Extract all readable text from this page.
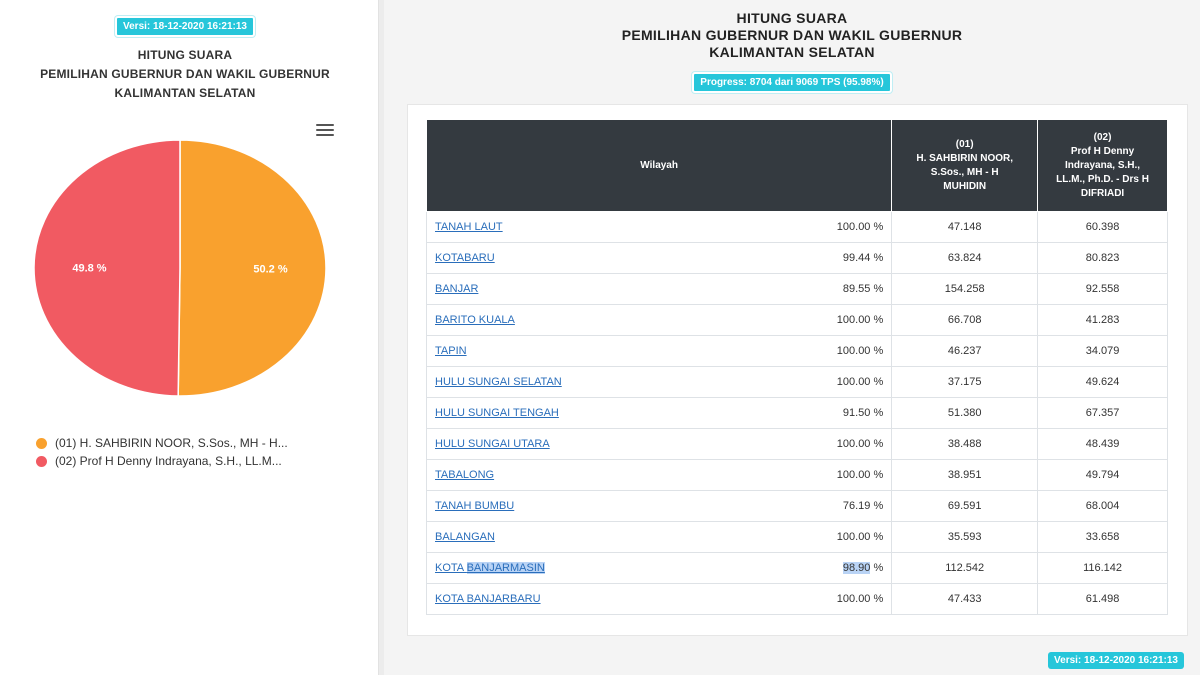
Versi: 18-12-2020 16:21:13
HITUNG SUARA
PEMILIHAN GUBERNUR DAN WAKIL GUBERNUR
KALIMANTAN SELATAN
50.2 %
49.8 %
(01) H. SAHBIRIN NOOR, S.Sos., MH - H...
(02) Prof H Denny Indrayana, S.H., LL.M...
HITUNG SUARA
PEMILIHAN GUBERNUR DAN WAKIL GUBERNUR
KALIMANTAN SELATAN
Progress: 8704 dari 9069 TPS (95.98%)
Wilayah	(01)
H. SAHBIRIN NOOR,
S.Sos., MH - H
MUHIDIN	(02)
Prof H Denny
Indrayana, S.H.,
LL.M., Ph.D. - Drs H
DIFRIADI
TANAH LAUT 100.00 %	47.148	60.398
KOTABARU 99.44 %	63.824	80.823
BANJAR 89.55 %	154.258	92.558
BARITO KUALA 100.00 %	66.708	41.283
TAPIN 100.00 %	46.237	34.079
HULU SUNGAI SELATAN 100.00 %	37.175	49.624
HULU SUNGAI TENGAH 91.50 %	51.380	67.357
HULU SUNGAI UTARA 100.00 %	38.488	48.439
TABALONG 100.00 %	38.951	49.794
TANAH BUMBU 76.19 %	69.591	68.004
BALANGAN 100.00 %	35.593	33.658
KOTA BANJARMASIN 98.90 %	112.542	116.142
KOTA BANJARBARU 100.00 %	47.433	61.498
Versi: 18-12-2020 16:21:13
